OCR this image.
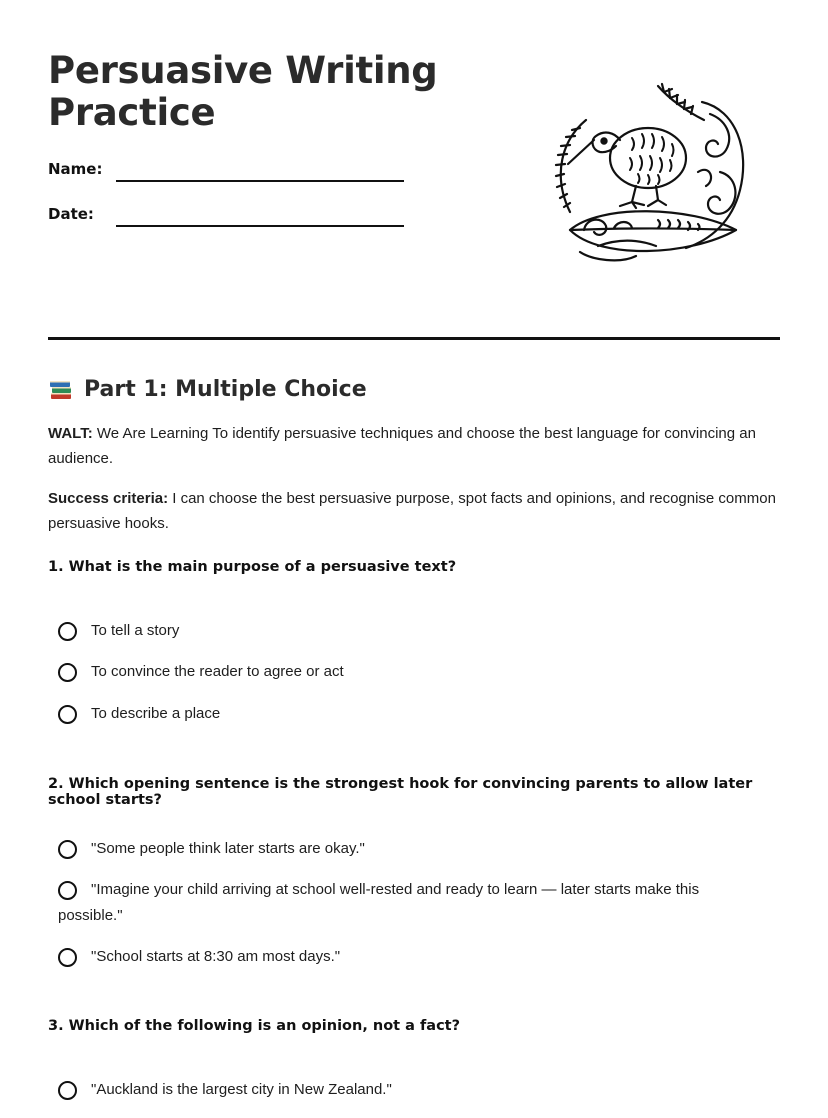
Persuasive Writing Practice
Name:
Date:
Part 1: Multiple Choice

WALT: We Are Learning To identify persuasive techniques and choose the best language for convincing an audience.

Success criteria: I can choose the best persuasive purpose, spot facts and opinions, and recognise common persuasive hooks.

1. What is the main purpose of a persuasive text?

To tell a story
To convince the reader to agree or act
To describe a place

2. Which opening sentence is the strongest hook for convincing parents to allow later school starts?

"Some people think later starts are okay."
"Imagine your child arriving at school well-rested and ready to learn — later starts make this possible."
"School starts at 8:30 am most days."

3. Which of the following is an opinion, not a fact?

"Auckland is the largest city in New Zealand."
